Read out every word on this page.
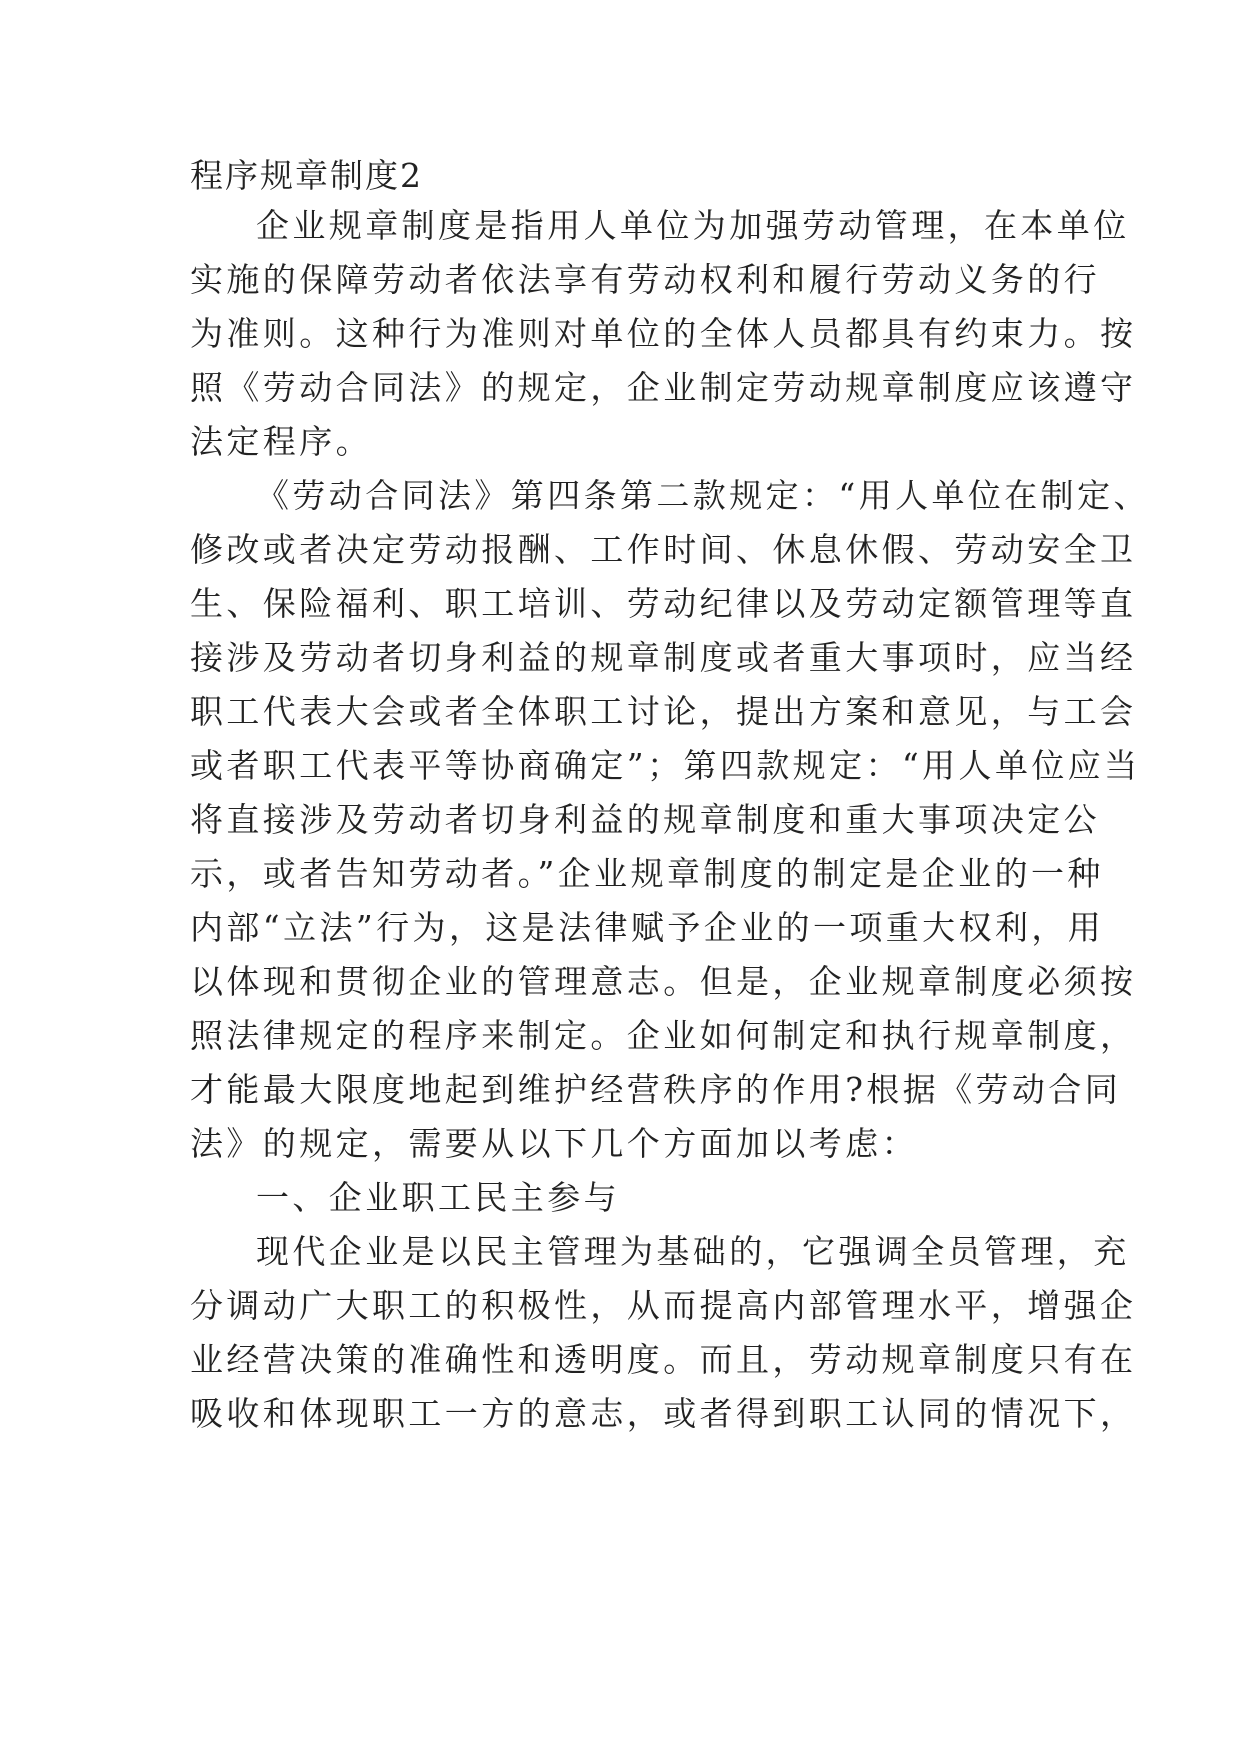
程序规章制度2
企业规章制度是指用人单位为加强劳动管理，在本单位
实施的保障劳动者依法享有劳动权利和履行劳动义务的行
为准则。这种行为准则对单位的全体人员都具有约束力。按
照《劳动合同法》的规定，企业制定劳动规章制度应该遵守
法定程序。
《劳动合同法》第四条第二款规定：“用人单位在制定、
修改或者决定劳动报酬、工作时间、休息休假、劳动安全卫
生、保险福利、职工培训、劳动纪律以及劳动定额管理等直
接涉及劳动者切身利益的规章制度或者重大事项时，应当经
职工代表大会或者全体职工讨论，提出方案和意见，与工会
或者职工代表平等协商确定”；第四款规定：“用人单位应当
将直接涉及劳动者切身利益的规章制度和重大事项决定公
示，或者告知劳动者。”企业规章制度的制定是企业的一种
内部“立法”行为，这是法律赋予企业的一项重大权利，用
以体现和贯彻企业的管理意志。但是，企业规章制度必须按
照法律规定的程序来制定。企业如何制定和执行规章制度，
才能最大限度地起到维护经营秩序的作用?根据《劳动合同
法》的规定，需要从以下几个方面加以考虑：
一、企业职工民主参与
现代企业是以民主管理为基础的，它强调全员管理，充
分调动广大职工的积极性，从而提高内部管理水平，增强企
业经营决策的准确性和透明度。而且，劳动规章制度只有在
吸收和体现职工一方的意志，或者得到职工认同的情况下，
